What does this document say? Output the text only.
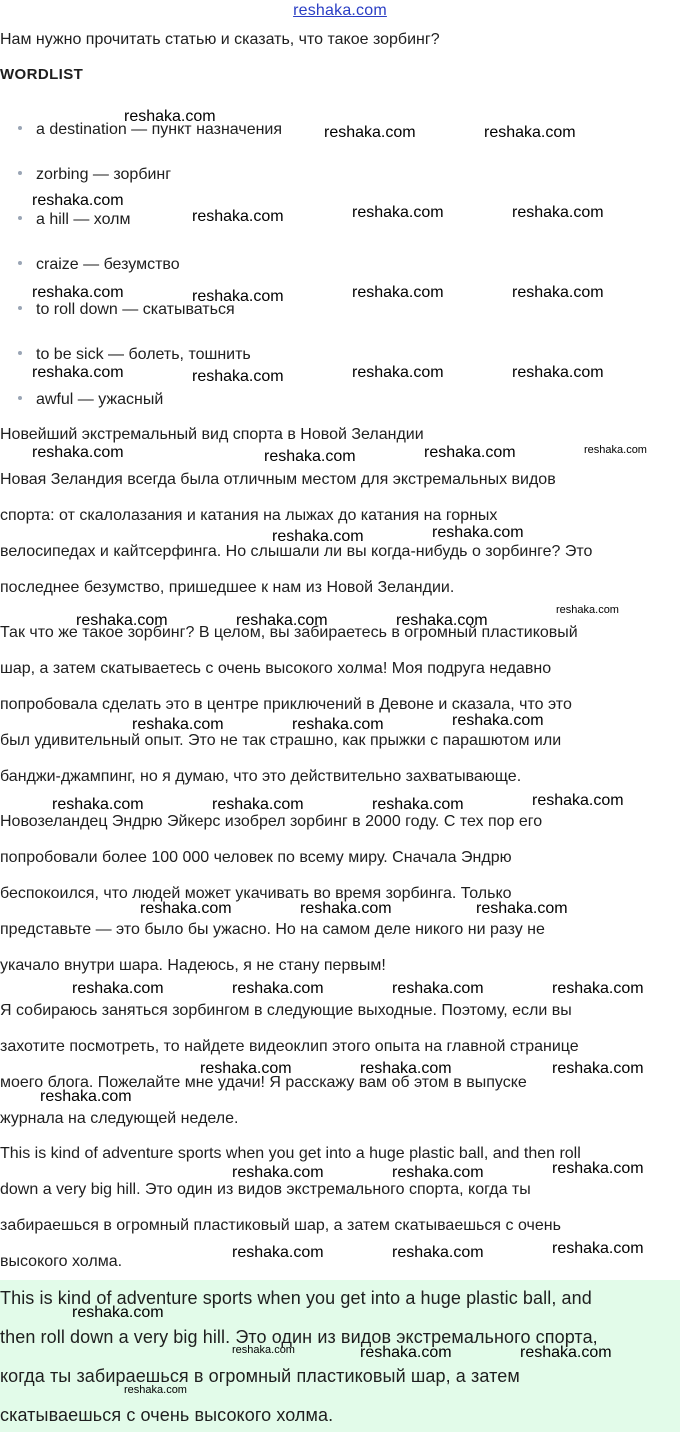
reshaka.com
Нам нужно прочитать статью и сказать, что такое зорбинг?
WORDLIST
a destination — пункт назначения
zorbing — зорбинг
a hill — холм
craize — безумство
to roll down — скатываться
to be sick — болеть, тошнить
awful — ужасный
Новейший экстремальный вид спорта в Новой Зеландии
Новая Зеландия всегда была отличным местом для экстремальных видов
спорта: от скалолазания и катания на лыжах до катания на горных
велосипедах и кайтсерфинга. Но слышали ли вы когда-нибудь о зорбинге? Это
последнее безумство, пришедшее к нам из Новой Зеландии.
Так что же такое зорбинг? В целом, вы забираетесь в огромный пластиковый
шар, а затем скатываетесь с очень высокого холма! Моя подруга недавно
попробовала сделать это в центре приключений в Девоне и сказала, что это
был удивительный опыт. Это не так страшно, как прыжки с парашютом или
банджи-джампинг, но я думаю, что это действительно захватывающе.
Новозеландец Эндрю Эйкерс изобрел зорбинг в 2000 году. С тех пор его
попробовали более 100 000 человек по всему миру. Сначала Эндрю
беспокоился, что людей может укачивать во время зорбинга. Только
представьте — это было бы ужасно. Но на самом деле никого ни разу не
укачало внутри шара. Надеюсь, я не стану первым!
Я собираюсь заняться зорбингом в следующие выходные. Поэтому, если вы
захотите посмотреть, то найдете видеоклип этого опыта на главной странице
моего блога. Пожелайте мне удачи! Я расскажу вам об этом в выпуске
журнала на следующей неделе.
This is kind of adventure sports when you get into a huge plastic ball, and then roll
down a very big hill. Это один из видов экстремального спорта, когда ты
забираешься в огромный пластиковый шар, а затем скатываешься с очень
высокого холма.
This is kind of adventure sports when you get into a huge plastic ball, and
then roll down a very big hill. Это один из видов экстремального спорта,
когда ты забираешься в огромный пластиковый шар, а затем
скатываешься с очень высокого холма.
reshaka.com
reshaka.com	reshaka.com
reshaka.com
reshaka.com	reshaka.com	reshaka.com
reshaka.com	reshaka.com	reshaka.com	reshaka.com
reshaka.com	reshaka.com	reshaka.com	reshaka.com
reshaka.com	reshaka.com	reshaka.com	reshaka.com
reshaka.com	reshaka.com
reshaka.com	reshaka.com	reshaka.com
reshaka.com
reshaka.com	reshaka.com	reshaka.com
reshaka.com	reshaka.com	reshaka.com	reshaka.com
reshaka.com	reshaka.com	reshaka.com
reshaka.com	reshaka.com	reshaka.com	reshaka.com
reshaka.com	reshaka.com	reshaka.com
reshaka.com
reshaka.com	reshaka.com	reshaka.com
reshaka.com	reshaka.com	reshaka.com
reshaka.com
reshaka.com	reshaka.com	reshaka.com
reshaka.com
